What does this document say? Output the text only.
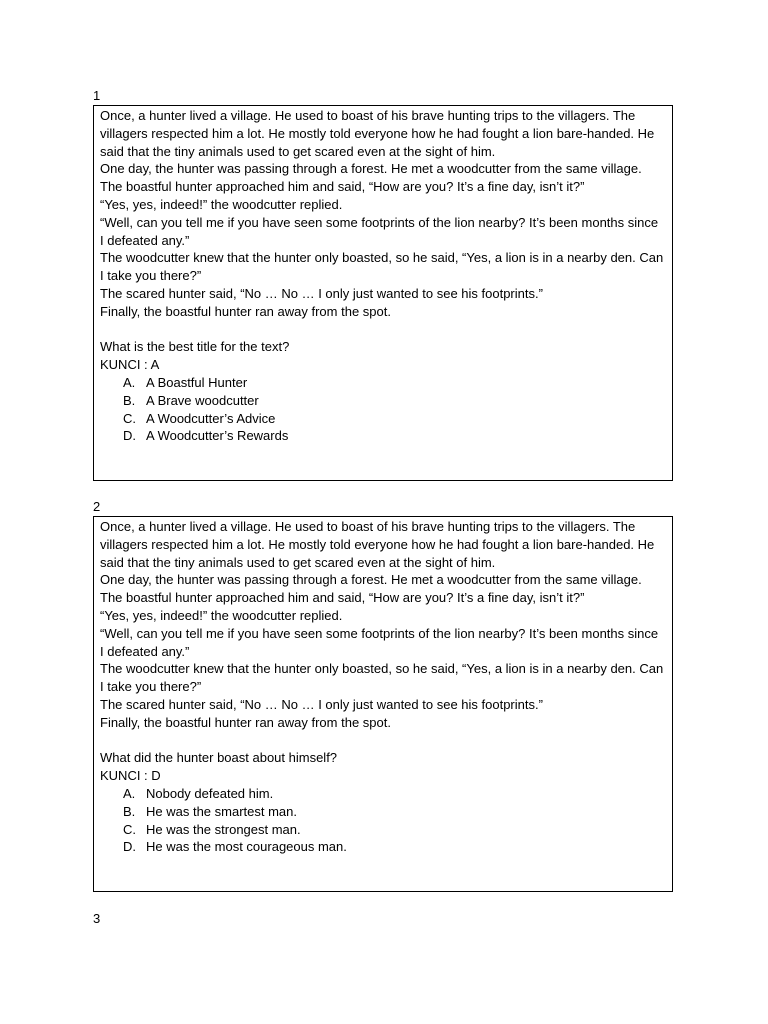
1

Once, a hunter lived a village. He used to boast of his brave hunting trips to the villagers. The villagers respected him a lot. He mostly told everyone how he had fought a lion bare-handed. He said that the tiny animals used to get scared even at the sight of him.

One day, the hunter was passing through a forest. He met a woodcutter from the same village.

The boastful hunter approached him and said, “How are you? It’s a fine day, isn’t it?”

“Yes, yes, indeed!” the woodcutter replied.

“Well, can you tell me if you have seen some footprints of the lion nearby? It’s been months since I defeated any.”

The woodcutter knew that the hunter only boasted, so he said, “Yes, a lion is in a nearby den. Can I take you there?”

The scared hunter said, “No … No … I only just wanted to see his footprints.”

Finally, the boastful hunter ran away from the spot.

What is the best title for the text?

KUNCI : A

A. A Boastful Hunter
B. A Brave woodcutter
C. A Woodcutter’s Advice
D. A Woodcutter’s Rewards
2

Once, a hunter lived a village. He used to boast of his brave hunting trips to the villagers. The villagers respected him a lot. He mostly told everyone how he had fought a lion bare-handed. He said that the tiny animals used to get scared even at the sight of him.

One day, the hunter was passing through a forest. He met a woodcutter from the same village.

The boastful hunter approached him and said, “How are you? It’s a fine day, isn’t it?”

“Yes, yes, indeed!” the woodcutter replied.

“Well, can you tell me if you have seen some footprints of the lion nearby? It’s been months since I defeated any.”

The woodcutter knew that the hunter only boasted, so he said, “Yes, a lion is in a nearby den. Can I take you there?”

The scared hunter said, “No … No … I only just wanted to see his footprints.”

Finally, the boastful hunter ran away from the spot.

What did the hunter boast about himself?

KUNCI : D

A. Nobody defeated him.
B. He was the smartest man.
C. He was the strongest man.
D. He was the most courageous man.
3
